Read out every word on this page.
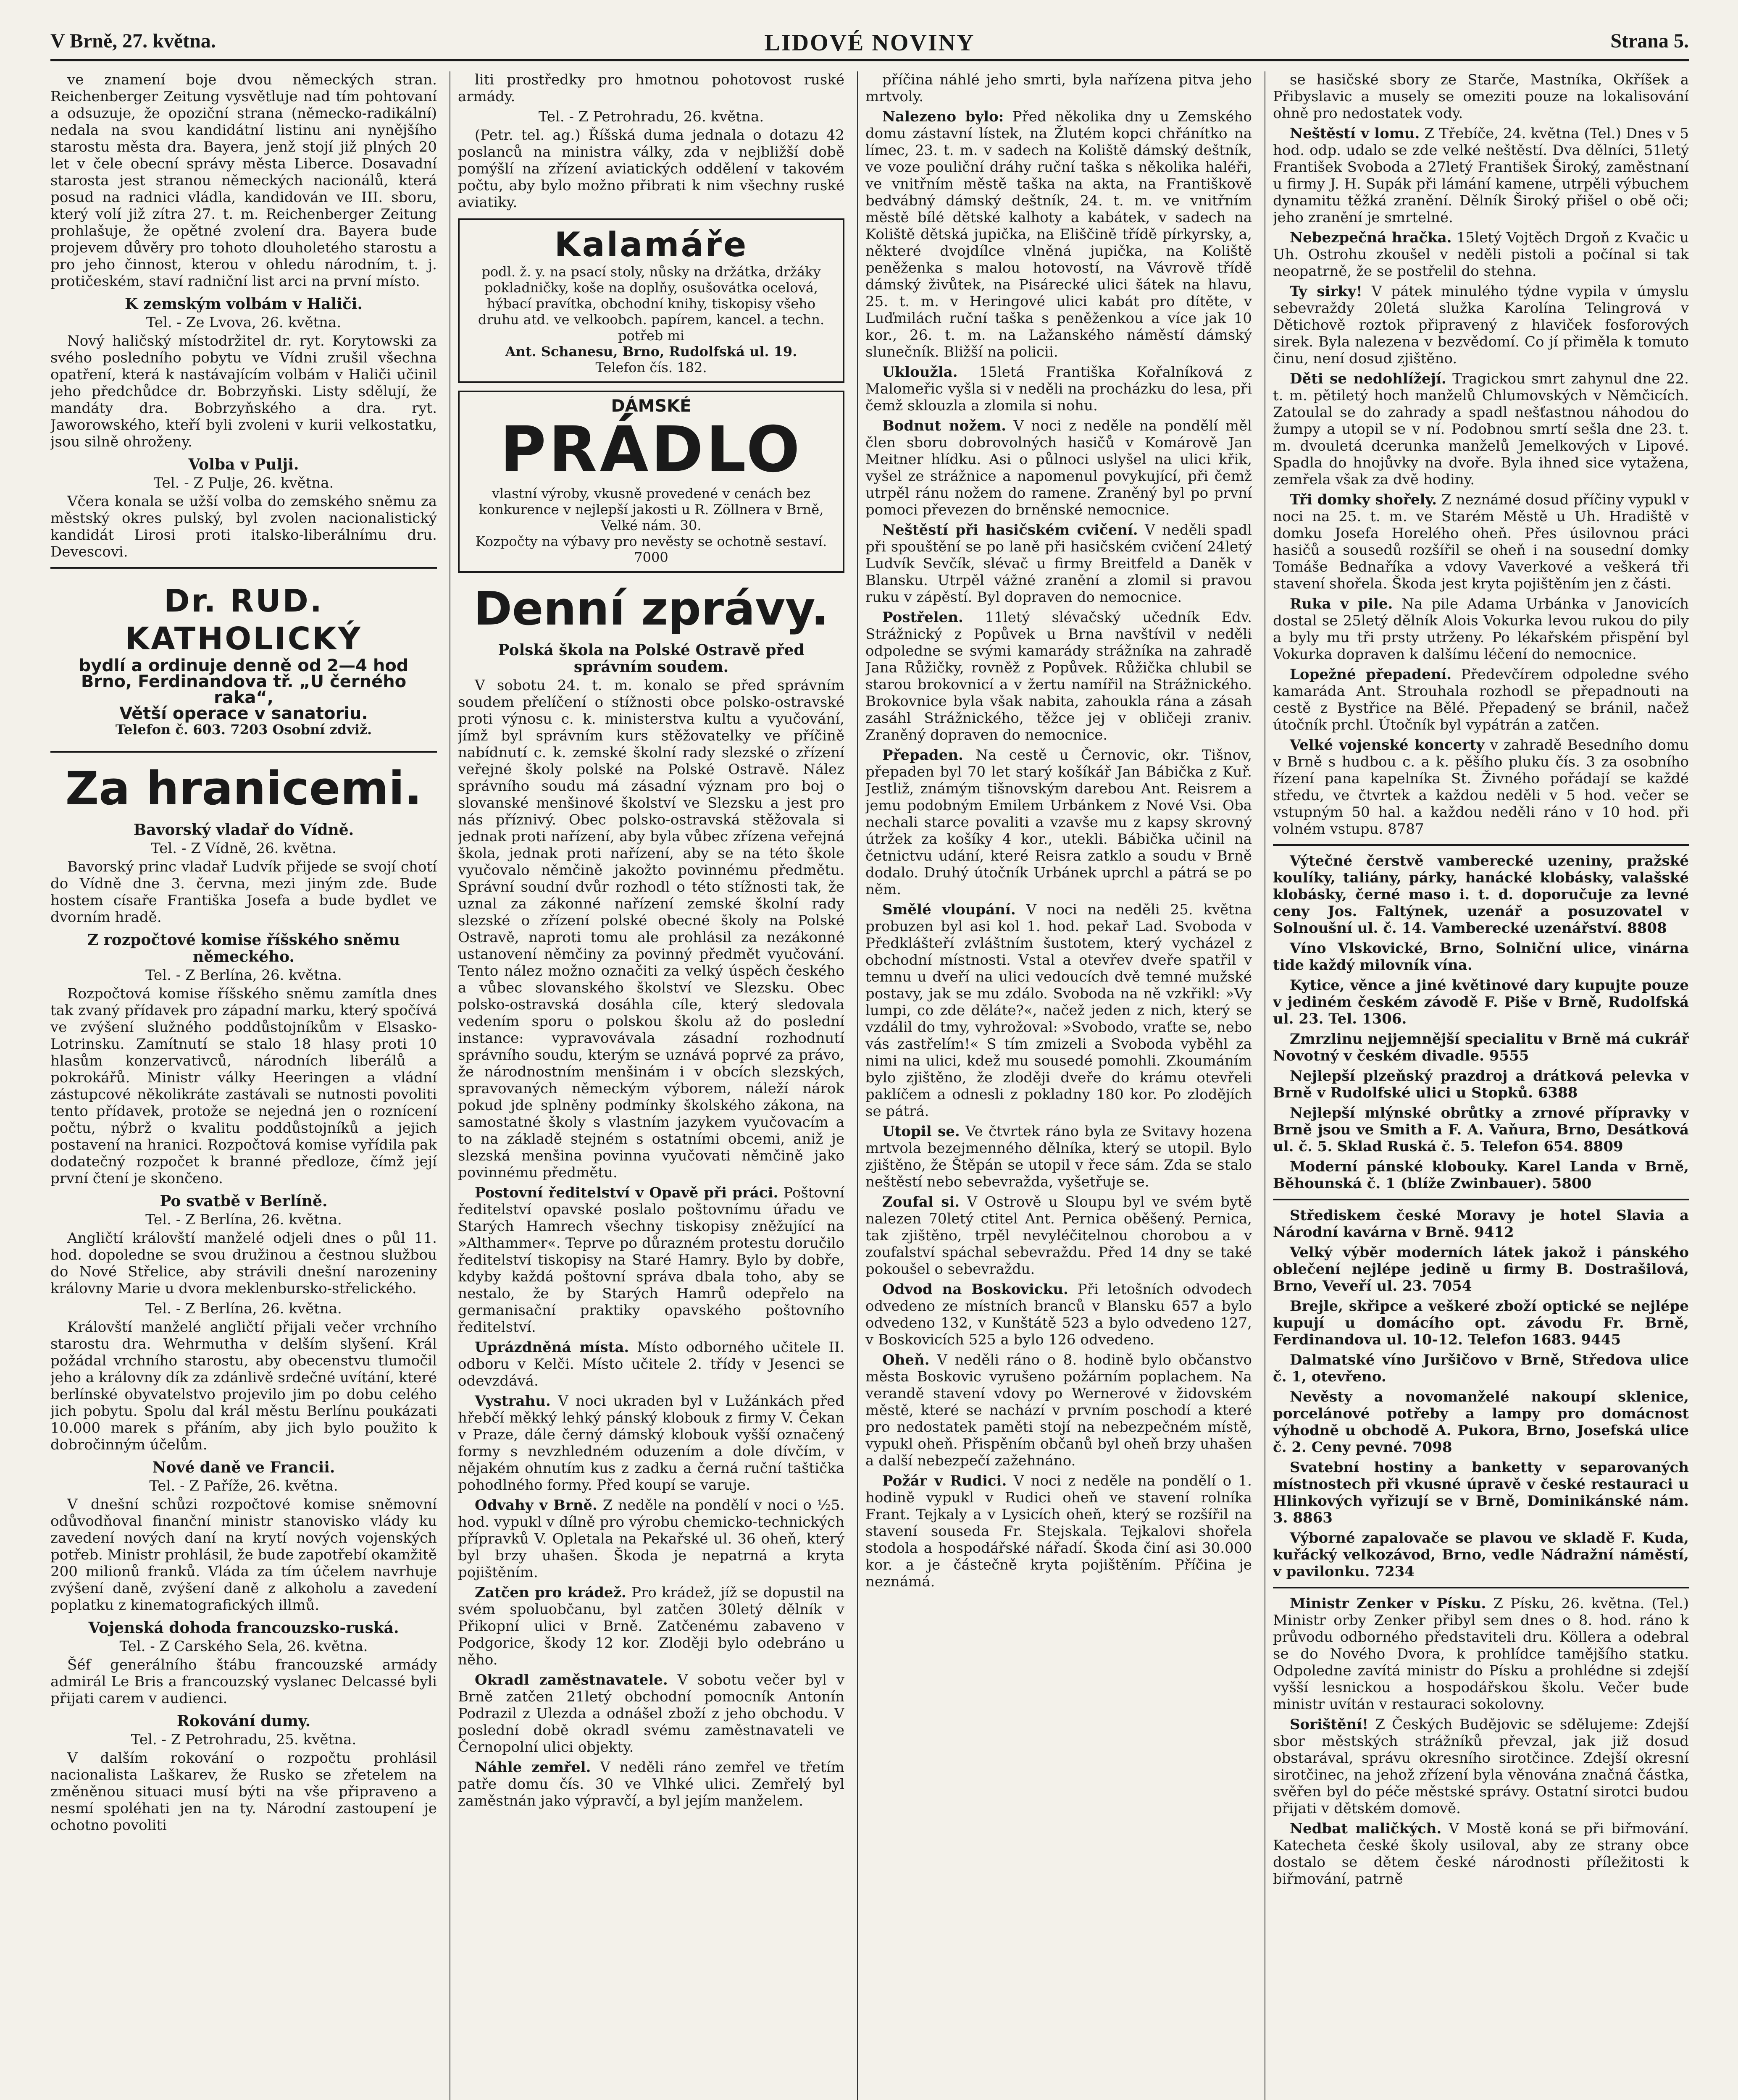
V Brně, 27. května.	LIDOVÉ NOVINY	Strana 5.

ve znamení boje dvou německých stran. Reichenberger Zeitung vysvětluje nad tím pohtovaní a odsuzuje, že opoziční strana (německo-radikální) nedala na svou kandidátní listinu ani nynějšího starostu města dra. Bayera, jenž stojí již plných 20 let v čele obecní správy města Liberce. Dosavadní starosta jest stranou německých nacionálů, která posud na radnici vládla, kandidován ve III. sboru, který volí již zítra 27. t. m. Reichenberger Zeitung prohlašuje, že opětné zvolení dra. Bayera bude projevem důvěry pro tohoto dlouholetého starostu a pro jeho činnost, kterou v ohledu národním, t. j. protičeském, staví radniční list arci na první místo.

K zemským volbám v Haliči.
Tel. - Ze Lvova, 26. května.

Nový haličský místodržitel dr. ryt. Korytowski za svého posledního pobytu ve Vídni zrušil všechna opatření, která k nastávajícím volbám v Haliči učinil jeho předchůdce dr. Bobrzyňski. Listy sdělují, že mandáty dra. Bobrzyňského a dra. ryt. Jaworowského, kteří byli zvoleni v kurii velkostatku, jsou silně ohroženy.

Volba v Pulji.
Tel. - Z Pulje, 26. května.

Včera konala se užší volba do zemského sněmu za městský okres pulský, byl zvolen nacionalistický kandidát Lirosi proti italsko-liberálnímu dru. Devescovi.

Dr. RUD. KATHOLICKÝ
bydlí a ordinuje denně od 2—4 hod
Brno, Ferdinandova tř. „U černého raka“,
Větší operace v sanatoriu.
Telefon č. 603. 7203 Osobní zdviž.
Za hranicemi.
Bavorský vladař do Vídně.
Tel. - Z Vídně, 26. května.

Bavorský princ vladař Ludvík přijede se svojí chotí do Vídně dne 3. června, mezi jiným zde. Bude hostem císaře Františka Josefa a bude bydlet ve dvorním hradě.

Z rozpočtové komise říšského sněmu německého.
Tel. - Z Berlína, 26. května.

Rozpočtová komise říšského sněmu zamítla dnes tak zvaný přídavek pro západní marku, který spočívá ve zvýšení služného poddůstojníkům v Elsasko-Lotrinsku. Zamítnutí se stalo 18 hlasy proti 10 hlasům konzervativců, národních liberálů a pokrokářů. Ministr války Heeringen a vládní zástupcové několikráte zastávali se nutnosti povoliti tento přídavek, protože se nejedná jen o roznícení počtu, nýbrž o kvalitu poddůstojníků a jejich postavení na hranici. Rozpočtová komise vyřídila pak dodatečný rozpočet k branné předloze, čímž její první čtení je skončeno.

Po svatbě v Berlíně.
Tel. - Z Berlína, 26. května.

Angličtí královští manželé odjeli dnes o půl 11. hod. dopoledne se svou družinou a čestnou službou do Nové Střelice, aby strávili dnešní narozeniny královny Marie u dvora meklenbursko-střelického.

Tel. - Z Berlína, 26. května.

Královští manželé angličtí přijali večer vrchního starostu dra. Wehrmutha v delším slyšení. Král požádal vrchního starostu, aby obecenstvu tlumočil jeho a královny dík za zdánlivě srdečné uvítání, které berlínské obyvatelstvo projevilo jim po dobu celého jich pobytu. Spolu dal král městu Berlínu poukázati 10.000 marek s přáním, aby jich bylo použito k dobročinným účelům.

Nové daně ve Francii.
Tel. - Z Paříže, 26. května.

V dnešní schůzi rozpočtové komise sněmovní odůvodňoval finanční ministr stanovisko vlády ku zavedení nových daní na krytí nových vojenských potřeb. Ministr prohlásil, že bude zapotřebí okamžitě 200 milionů franků. Vláda za tím účelem navrhuje zvýšení daně, zvýšení daně z alkoholu a zavedení poplatku z kinematografických illmů.

Vojenská dohoda francouzsko-ruská.
Tel. - Z Carského Sela, 26. května.

Šéf generálního štábu francouzské armády admirál Le Bris a francouzský vyslanec Delcassé byli přijati carem v audienci.

Rokování dumy.
Tel. - Z Petrohradu, 25. května.

V dalším rokování o rozpočtu prohlásil nacionalista Laškarev, že Rusko se zřetelem na změněnou situaci musí býti na vše připraveno a nesmí spoléhati jen na ty. Národní zastoupení je ochotno povoliti

liti prostředky pro hmotnou pohotovost ruské armády.

Tel. - Z Petrohradu, 26. května.

(Petr. tel. ag.) Říšská duma jednala o dotazu 42 poslanců na ministra války, zda v nejbližší době pomýšlí na zřízení aviatických oddělení v takovém počtu, aby bylo možno přibrati k nim všechny ruské aviatiky.

Kalamáře
podl. ž. y. na psací stoly, nůsky na držátka, držáky pokladničky, koše na doplňy, osušovátka ocelová, hýbací pravítka, obchodní knihy, tiskopisy všeho druhu atd. ve velkoobch. papírem, kancel. a techn. potřeb mi
Ant. Schanesu, Brno, Rudolfská ul. 19.
Telefon čís. 182.
DÁMSKÉ
PRÁDLO
vlastní výroby, vkusně provedené v cenách bez konkurence v nejlepší jakosti u R. Zöllnera v Brně, Velké nám. 30.
Kozpočty na výbavy pro nevěsty se ochotně sestaví. 7000
Denní zprávy.
Polská škola na Polské Ostravě před správním soudem.

V sobotu 24. t. m. konalo se před správním soudem přelíčení o stížnosti obce polsko-ostravské proti výnosu c. k. ministerstva kultu a vyučování, jímž byl správním kurs stěžovatelky ve příčině nabídnutí c. k. zemské školní rady slezské o zřízení veřejné školy polské na Polské Ostravě. Nález správního soudu má zásadní význam pro boj o slovanské menšinové školství ve Slezsku a jest pro nás příznivý. Obec polsko-ostravská stěžovala si jednak proti nařízení, aby byla vůbec zřízena veřejná škola, jednak proti nařízení, aby se na této škole vyučovalo němčině jakožto povinnému předmětu. Správní soudní dvůr rozhodl o této stížnosti tak, že uznal za zákonné nařízení zemské školní rady slezské o zřízení polské obecné školy na Polské Ostravě, naproti tomu ale prohlásil za nezákonné ustanovení němčiny za povinný předmět vyučování. Tento nález možno označiti za velký úspěch českého a vůbec slovanského školství ve Slezsku. Obec polsko-ostravská dosáhla cíle, který sledovala vedením sporu o polskou školu až do poslední instance: vypravovávala zásadní rozhodnutí správního soudu, kterým se uznává poprvé za právo, že národnostním menšinám i v obcích slezských, spravovaných německým výborem, náleží nárok pokud jde splněny podmínky školského zákona, na samostatné školy s vlastním jazykem vyučovacím a to na základě stejném s ostatními obcemi, aniž je slezská menšina povinna vyučovati němčině jako povinnému předmětu.

Postovní ředitelství v Opavě při práci. Poštovní ředitelství opavské poslalo poštovnímu úřadu ve Starých Hamrech všechny tiskopisy zněžující na »Althammer«. Teprve po důrazném protestu doručilo ředitelství tiskopisy na Staré Hamry. Bylo by dobře, kdyby každá poštovní správa dbala toho, aby se nestalo, že by Starých Hamrů odepřelo na germanisační praktiky opavského poštovního ředitelství.

Uprázdněná místa. Místo odborného učitele II. odboru v Kelči. Místo učitele 2. třídy v Jesenci se odevzdává.

Vystrahu. V noci ukraden byl v Lužánkách před hřebčí měkký lehký pánský klobouk z firmy V. Čekan v Praze, dále černý dámský klobouk vyšší označený formy s nevzhledném oduzením a dole dívčím, v nějakém ohnutím kus z zadku a černá ruční taštička pohodlného formy. Před koupí se varuje.

Odvahy v Brně. Z neděle na pondělí v noci o ½5. hod. vypukl v dílně pro výrobu chemicko-technických přípravků V. Opletala na Pekařské ul. 36 oheň, který byl brzy uhašen. Škoda je nepatrná a kryta pojištěním.

Zatčen pro krádež. Pro krádež, jíž se dopustil na svém spoluobčanu, byl zatčen 30letý dělník v Přikopní ulici v Brně. Zatčenému zabaveno v Podgorice, škody 12 kor. Zloději bylo odebráno u něho.

Okradl zaměstnavatele. V sobotu večer byl v Brně zatčen 21letý obchodní pomocník Antonín Podrazil z Ulezda a odnášel zboží z jeho obchodu. V poslední době okradl svému zaměstnavateli ve Černopolní ulici objekty.

Náhle zemřel. V neděli ráno zemřel ve třetím patře domu čís. 30 ve Vlhké ulici. Zemřelý byl zaměstnán jako výpravčí, a byl jejím manželem.

příčina náhlé jeho smrti, byla nařízena pitva jeho mrtvoly.

Nalezeno bylo: Před několika dny u Zemského domu zástavní lístek, na Žlutém kopci chřánítko na límec, 23. t. m. v sadech na Koliště dámský deštník, ve voze pouliční dráhy ruční taška s několika haléři, ve vnitřním městě taška na akta, na Františkově bedvábný dámský deštník, 24. t. m. ve vnitřním městě bílé dětské kalhoty a kabátek, v sadech na Koliště dětská jupička, na Eliščině třídě pírkyrsky, a, některé dvojdílce vlněná jupička, na Koliště peněženka s malou hotovostí, na Vávrově třídě dámský živůtek, na Pisárecké ulici šátek na hlavu, 25. t. m. v Heringové ulici kabát pro dítěte, v Luďmilách ruční taška s peněženkou a více jak 10 kor., 26. t. m. na Lažanského náměstí dámský slunečník. Bližší na policii.

Ukloužla. 15letá Františka Kořalníková z Malomeřic vyšla si v neděli na procházku do lesa, při čemž sklouzla a zlomila si nohu.

Bodnut nožem. V noci z neděle na pondělí měl člen sboru dobrovolných hasičů v Komárově Jan Meitner hlídku. Asi o půlnoci uslyšel na ulici křik, vyšel ze strážnice a napomenul povykující, při čemž utrpěl ránu nožem do ramene. Zraněný byl po první pomoci převezen do brněnské nemocnice.

Neštěstí při hasičském cvičení. V neděli spadl při spouštění se po laně při hasičském cvičení 24letý Ludvík Sevčík, slévač u firmy Breitfeld a Daněk v Blansku. Utrpěl vážné zranění a zlomil si pravou ruku v zápěstí. Byl dopraven do nemocnice.

Postřelen. 11letý slévačský učedník Edv. Strážnický z Popůvek u Brna navštívil v neděli odpoledne se svými kamarády strážníka na zahradě Jana Růžičky, rovněž z Popůvek. Růžička chlubil se starou brokovnicí a v žertu namířil na Strážnického. Brokovnice byla však nabita, zahoukla rána a zásah zasáhl Strážnického, těžce jej v obličeji zraniv. Zraněný dopraven do nemocnice.

Přepaden. Na cestě u Černovic, okr. Tišnov, přepaden byl 70 let starý košíkář Jan Bábička z Kuř. Jestliž, známým tišnovským darebou Ant. Reisrem a jemu podobným Emilem Urbánkem z Nové Vsi. Oba nechali starce povaliti a vzavše mu z kapsy skrovný útržek za košíky 4 kor., utekli. Bábička učinil na četnictvu udání, které Reisra zatklo a soudu v Brně dodalo. Druhý útočník Urbánek uprchl a pátrá se po něm.

Smělé vloupání. V noci na neděli 25. května probuzen byl asi kol 1. hod. pekař Lad. Svoboda v Předklášteří zvláštním šustotem, který vycházel z obchodní místnosti. Vstal a otevřev dveře spatřil v temnu u dveří na ulici vedoucích dvě temné mužské postavy, jak se mu zdálo. Svoboda na ně vzkřikl: »Vy lumpi, co zde děláte?«, načež jeden z nich, který se vzdálil do tmy, vyhrožoval: »Svobodo, vraťte se, nebo vás zastřelím!« S tím zmizeli a Svoboda vyběhl za nimi na ulici, kdež mu sousedé pomohli. Zkoumáním bylo zjištěno, že zloději dveře do krámu otevřeli paklíčem a odnesli z pokladny 180 kor. Po zlodějích se pátrá.

Utopil se. Ve čtvrtek ráno byla ze Svitavy hozena mrtvola bezejmenného dělníka, který se utopil. Bylo zjištěno, že Štěpán se utopil v řece sám. Zda se stalo neštěstí nebo sebevražda, vyšetřuje se.

Zoufal si. V Ostrově u Sloupu byl ve svém bytě nalezen 70letý ctitel Ant. Pernica oběšený. Pernica, tak zjištěno, trpěl nevyléčitelnou chorobou a v zoufalství spáchal sebevraždu. Před 14 dny se také pokoušel o sebevraždu.

Odvod na Boskovicku. Při letošních odvodech odvedeno ze místních branců v Blansku 657 a bylo odvedeno 132, v Kunštátě 523 a bylo odvedeno 127, v Boskovicích 525 a bylo 126 odvedeno.

Oheň. V neděli ráno o 8. hodině bylo občanstvo města Boskovic vyrušeno požárním poplachem. Na verandě stavení vdovy po Wernerové v židovském městě, které se nachází v prvním poschodí a které pro nedostatek paměti stojí na nebezpečném místě, vypukl oheň. Přispěním občanů byl oheň brzy uhašen a další nebezpečí zažehnáno.

Požár v Rudici. V noci z neděle na pondělí o 1. hodině vypukl v Rudici oheň ve stavení rolníka Frant. Tejkaly a v Lysicích oheň, který se rozšířil na stavení souseda Fr. Stejskala. Tejkalovi shořela stodola a hospodářské nářadí. Škoda činí asi 30.000 kor. a je částečně kryta pojištěním. Příčina je neznámá.

se hasičské sbory ze Starče, Mastníka, Okříšek a Přibyslavic a musely se omeziti pouze na lokalisování ohně pro nedostatek vody.

Neštěstí v lomu. Z Třebíče, 24. května (Tel.) Dnes v 5 hod. odp. udalo se zde velké neštěstí. Dva dělníci, 51letý František Svoboda a 27letý František Široký, zaměstnaní u firmy J. H. Supák při lámání kamene, utrpěli výbuchem dynamitu těžká zranění. Dělník Široký přišel o obě oči; jeho zranění je smrtelné.

Nebezpečná hračka. 15letý Vojtěch Drgoň z Kvačic u Uh. Ostrohu zkoušel v neděli pistoli a počínal si tak neopatrně, že se postřelil do stehna.

Ty sirky! V pátek minulého týdne vypila v úmyslu sebevraždy 20letá služka Karolína Telingrová v Dětichově roztok připravený z hlaviček fosforových sirek. Byla nalezena v bezvědomí. Co jí přiměla k tomuto činu, není dosud zjištěno.

Děti se nedohlížejí. Tragickou smrt zahynul dne 22. t. m. pětiletý hoch manželů Chlumovských v Němčicích. Zatoulal se do zahrady a spadl nešťastnou náhodou do žumpy a utopil se v ní. Podobnou smrtí sešla dne 23. t. m. dvouletá dcerunka manželů Jemelkových v Lipové. Spadla do hnojůvky na dvoře. Byla ihned sice vytažena, zemřela však za dvě hodiny.

Tři domky shořely. Z neznámé dosud příčiny vypukl v noci na 25. t. m. ve Starém Městě u Uh. Hradiště v domku Josefa Horelého oheň. Přes úsilovnou práci hasičů a sousedů rozšířil se oheň i na sousední domky Tomáše Bednaříka a vdovy Vaverkové a veškerá tři stavení shořela. Škoda jest kryta pojištěním jen z části.

Ruka v pile. Na pile Adama Urbánka v Janovicích dostal se 25letý dělník Alois Vokurka levou rukou do pily a byly mu tři prsty utrženy. Po lékařském přispění byl Vokurka dopraven k dalšímu léčení do nemocnice.

Lopežné přepadení. Předevčírem odpoledne svého kamaráda Ant. Strouhala rozhodl se přepadnouti na cestě z Bystřice na Bělé. Přepadený se bránil, načež útočník prchl. Útočník byl vypátrán a zatčen.

Velké vojenské koncerty v zahradě Besedního domu v Brně s hudbou c. a k. pěšího pluku čís. 3 za osobního řízení pana kapelníka St. Živného pořádají se každé středu, ve čtvrtek a každou neděli v 5 hod. večer se vstupným 50 hal. a každou neděli ráno v 10 hod. při volném vstupu. 8787

Výtečné čerstvě vamberecké uzeniny, pražské koulíky, taliány, párky, hanácké klobásky, valašské klobásky, černé maso i. t. d. doporučuje za levné ceny Jos. Faltýnek, uzenář a posuzovatel v Solnoušní ul. č. 14. Vamberecké uzenářství. 8808

Víno Vlskovické, Brno, Solniční ulice, vinárna tide každý milovník vína.

Kytice, věnce a jiné květinové dary kupujte pouze v jediném českém závodě F. Piše v Brně, Rudolfská ul. 23. Tel. 1306.

Zmrzlinu nejjemnější specialitu v Brně má cukrář Novotný v českém divadle. 9555

Nejlepší plzeňský prazdroj a drátková pelevka v Brně v Rudolfské ulici u Stopků. 6388

Nejlepší mlýnské obrůtky a zrnové přípravky v Brně jsou ve Smith a F. A. Vaňura, Brno, Desátková ul. č. 5. Sklad Ruská č. 5. Telefon 654. 8809

Moderní pánské klobouky. Karel Landa v Brně, Běhounská č. 1 (blíže Zwinbauer). 5800

Střediskem české Moravy je hotel Slavia a Národní kavárna v Brně. 9412

Velký výběr moderních látek jakož i pánského oblečení nejlépe jedině u firmy B. Dostrašilová, Brno, Veveří ul. 23. 7054

Brejle, skřipce a veškeré zboží optické se nejlépe kupují u domácího opt. závodu Fr. Brně, Ferdinandova ul. 10-12. Telefon 1683. 9445

Dalmatské víno Juršičovo v Brně, Středova ulice č. 1, otevřeno.

Nevěsty a novomanželé nakoupí sklenice, porcelánové potřeby a lampy pro domácnost výhodně u obchodě A. Pukora, Brno, Josefská ulice č. 2. Ceny pevné. 7098

Svatební hostiny a banketty v separovaných místnostech při vkusné úpravě v české restauraci u Hlinkových vyřizují se v Brně, Dominikánské nám. 3. 8863

Výborné zapalovače se plavou ve skladě F. Kuda, kuřácký velkozávod, Brno, vedle Nádražní náměstí, v pavilonku. 7234

Ministr Zenker v Písku. Z Písku, 26. května. (Tel.) Ministr orby Zenker přibyl sem dnes o 8. hod. ráno k průvodu odborného představiteli dru. Köllera a odebral se do Nového Dvora, k prohlídce tamějšího statku. Odpoledne zavítá ministr do Písku a prohlédne si zdejší vyšší lesnickou a hospodářskou školu. Večer bude ministr uvítán v restauraci sokolovny.

Sorištění! Z Českých Budějovic se sdělujeme: Zdejší sbor městských strážníků převzal, jak již dosud obstarával, správu okresního sirotčince. Zdejší okresní sirotčinec, na jehož zřízení byla věnována značná částka, svěřen byl do péče městské správy. Ostatní sirotci budou přijati v dětském domově.

Nedbat maličkých. V Mostě koná se při biřmování. Katecheta české školy usiloval, aby ze strany obce dostalo se dětem české národnosti příležitosti k biřmování, patrně
